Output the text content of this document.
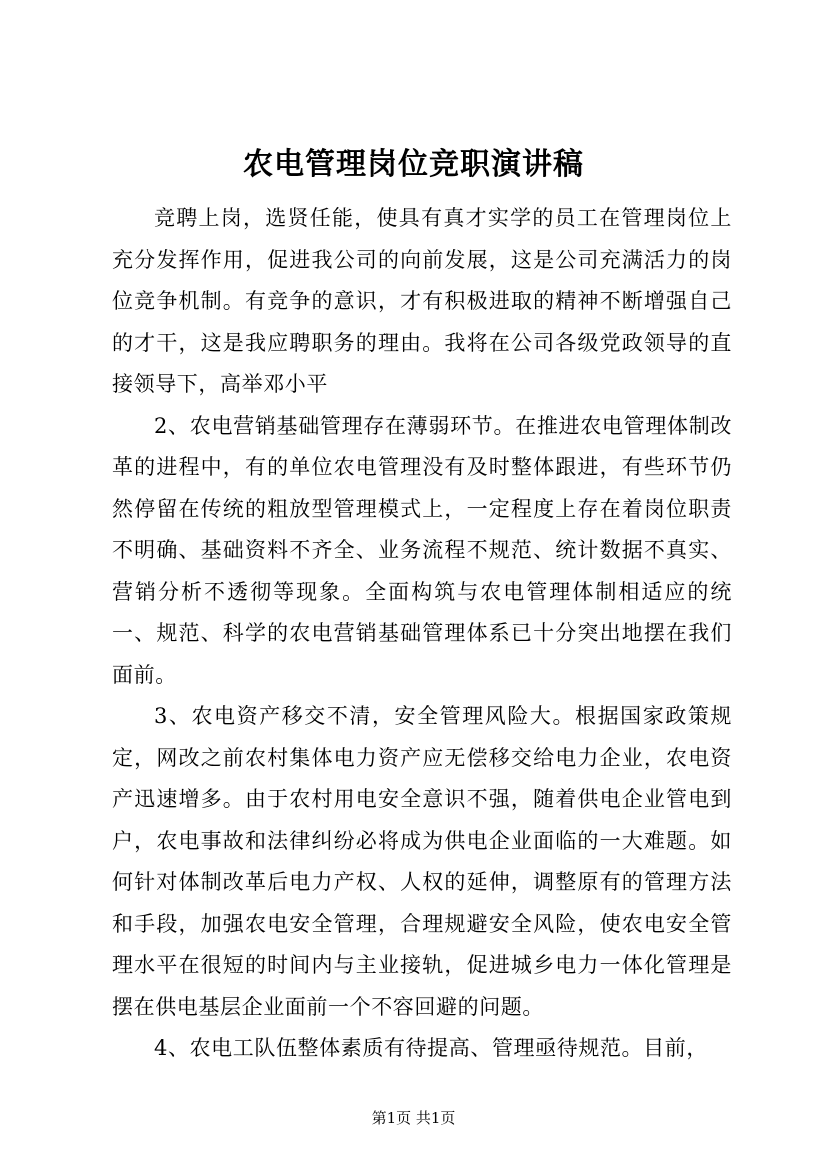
农电管理岗位竞职演讲稿

竞聘上岗，选贤任能，使具有真才实学的员工在管理岗位上充分发挥作用，促进我公司的向前发展，这是公司充满活力的岗位竞争机制。有竞争的意识，才有积极进取的精神不断增强自己的才干，这是我应聘职务的理由。我将在公司各级党政领导的直接领导下，高举邓小平

2、农电营销基础管理存在薄弱环节。在推进农电管理体制改革的进程中，有的单位农电管理没有及时整体跟进，有些环节仍然停留在传统的粗放型管理模式上，一定程度上存在着岗位职责不明确、基础资料不齐全、业务流程不规范、统计数据不真实、营销分析不透彻等现象。全面构筑与农电管理体制相适应的统一、规范、科学的农电营销基础管理体系已十分突出地摆在我们面前。

3、农电资产移交不清，安全管理风险大。根据国家政策规定，网改之前农村集体电力资产应无偿移交给电力企业，农电资产迅速增多。由于农村用电安全意识不强，随着供电企业管电到户，农电事故和法律纠纷必将成为供电企业面临的一大难题。如何针对体制改革后电力产权、人权的延伸，调整原有的管理方法和手段，加强农电安全管理，合理规避安全风险，使农电安全管理水平在很短的时间内与主业接轨，促进城乡电力一体化管理是摆在供电基层企业面前一个不容回避的问题。

4、农电工队伍整体素质有待提高、管理亟待规范。目前，

第1页 共1页
